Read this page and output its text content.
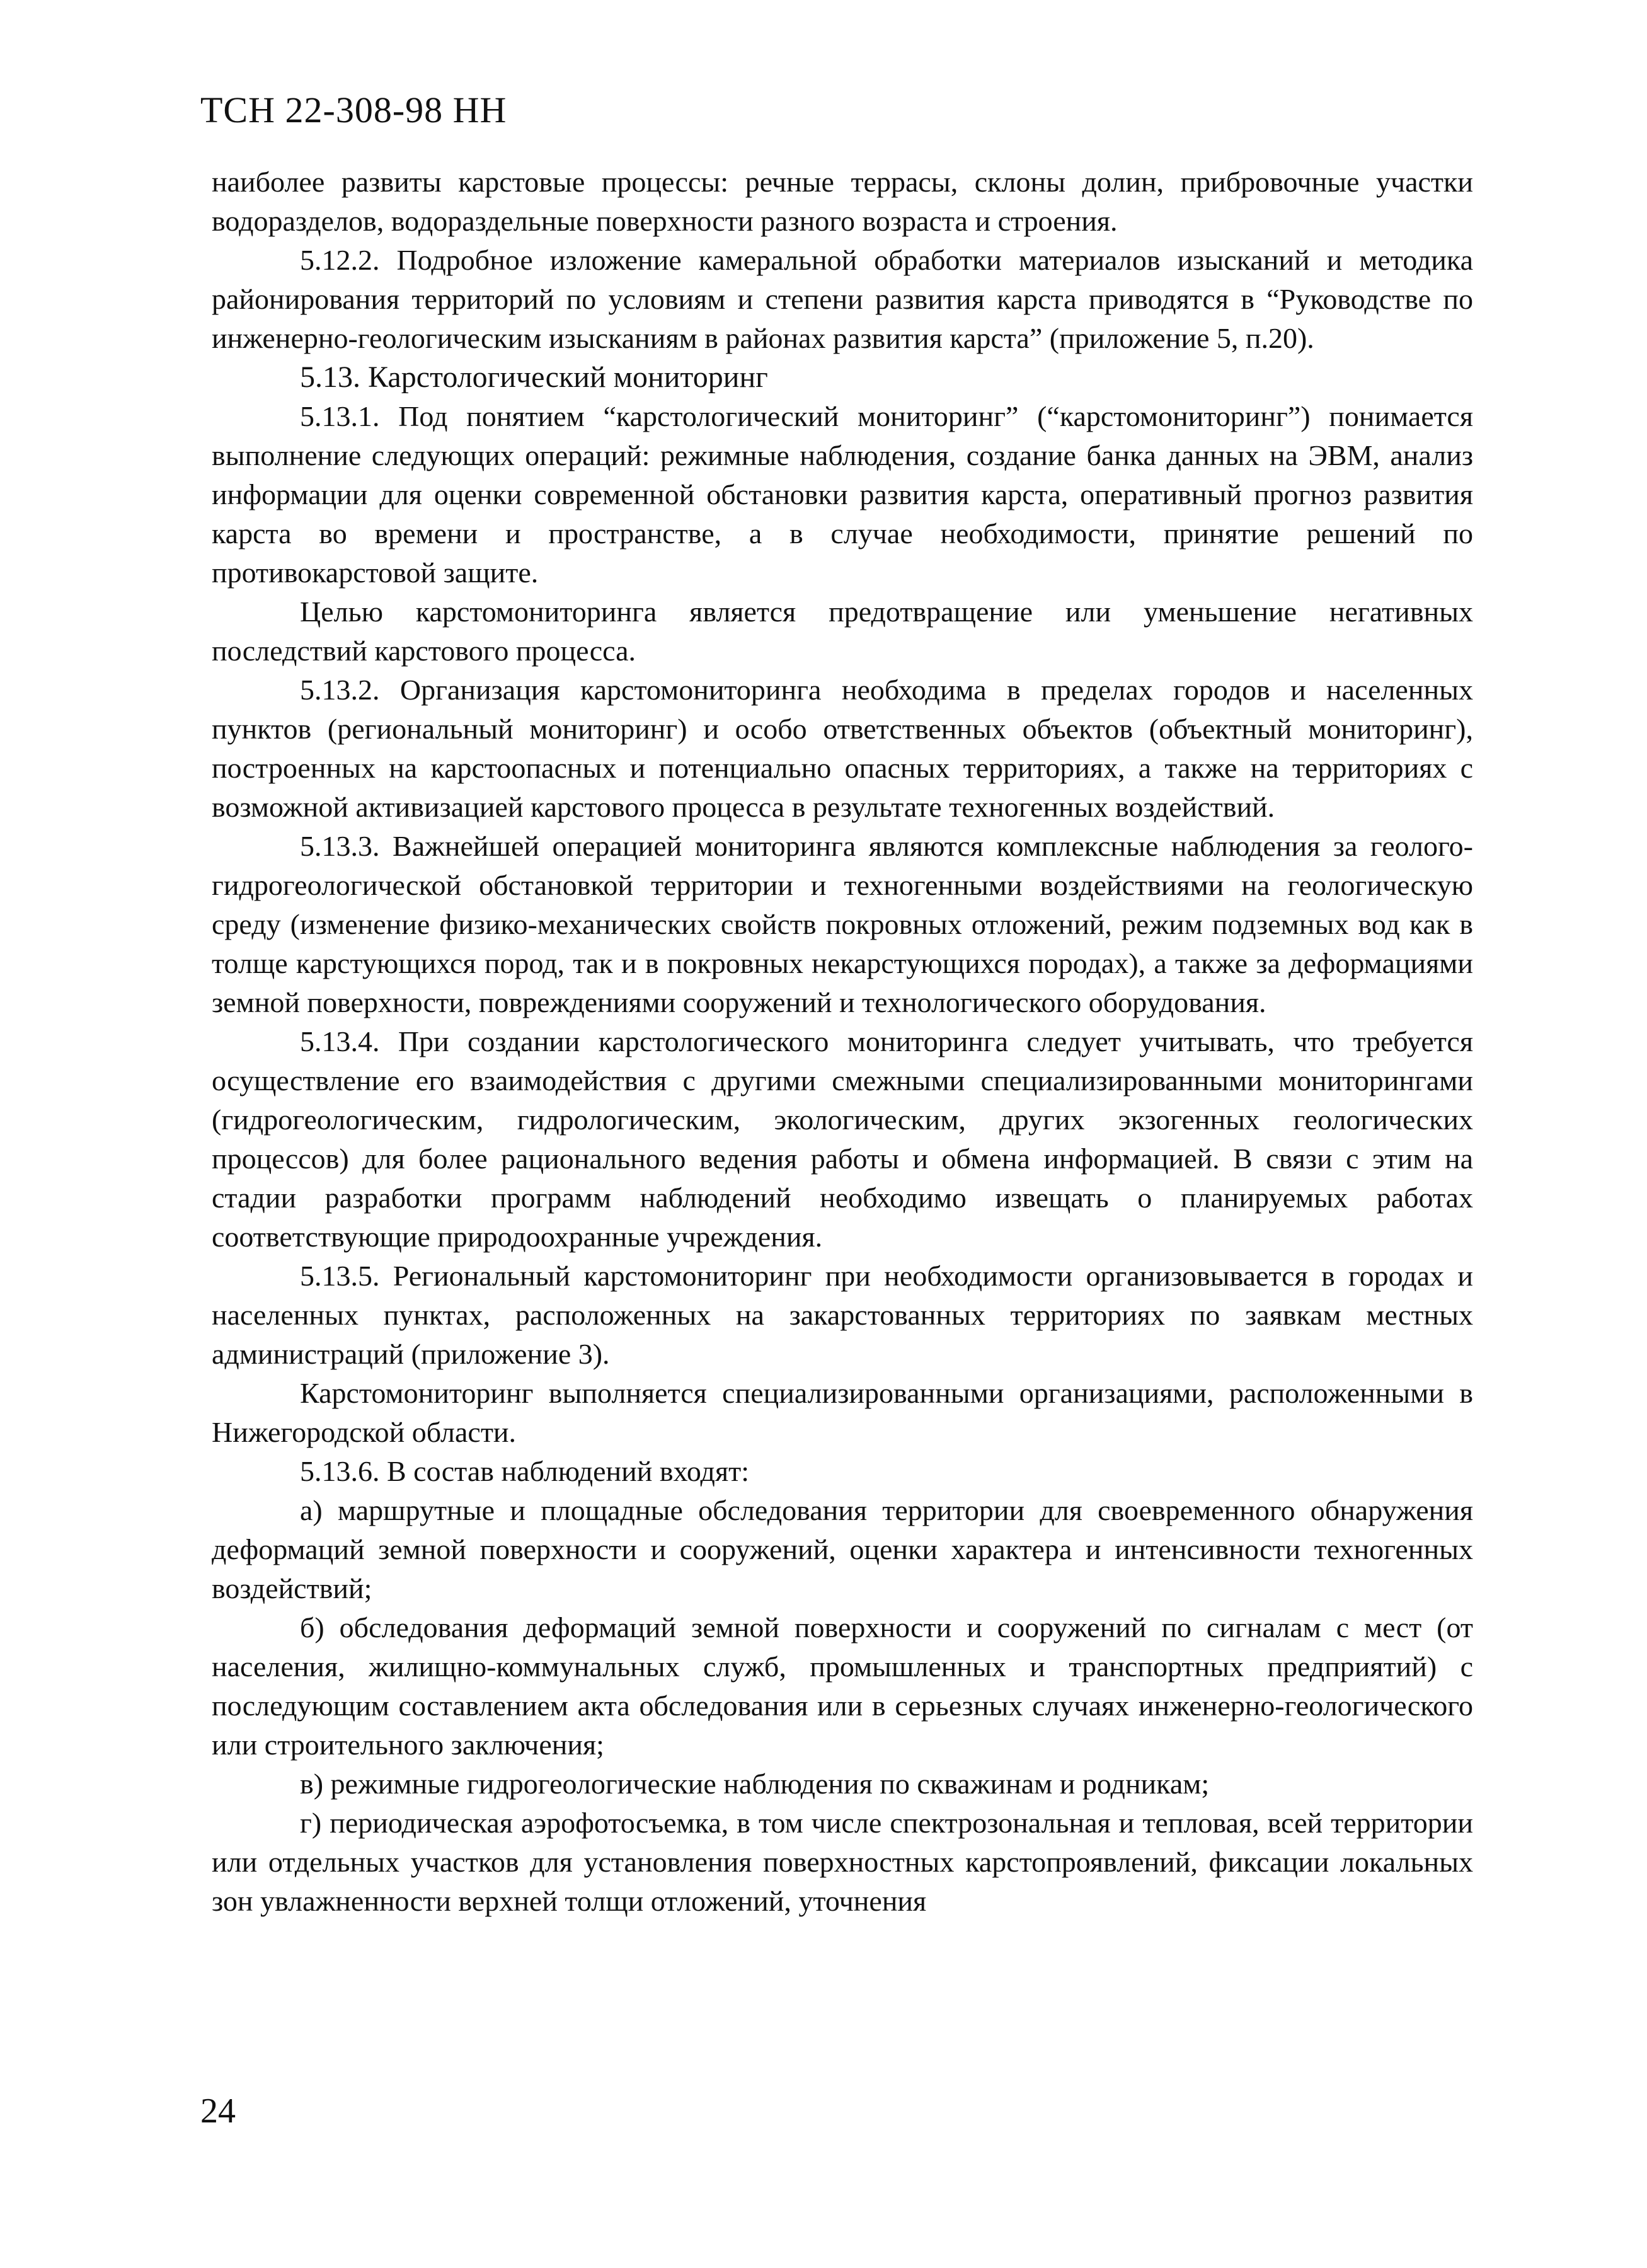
ТСН 22-308-98 НН

наиболее развиты карстовые процессы: речные террасы, склоны долин, прибровочные участки водоразделов, водораздельные поверхности разного возраста и строения.

5.12.2. Подробное изложение камеральной обработки материалов изысканий и методика районирования территорий по условиям и степени развития карста приводятся в “Руководстве по инженерно-геологическим изысканиям в районах развития карста” (приложение 5, п.20).

5.13. Карстологический мониторинг

5.13.1. Под понятием “карстологический мониторинг” (“карстомониторинг”) понимается выполнение следующих операций: режимные наблюдения, создание банка данных на ЭВМ, анализ информации для оценки современной обстановки развития карста, оперативный прогноз развития карста во времени и пространстве, а в случае необходимости, принятие решений по противокарстовой защите.

Целью карстомониторинга является предотвращение или уменьшение негативных последствий карстового процесса.

5.13.2. Организация карстомониторинга необходима в пределах городов и населенных пунктов (региональный мониторинг) и особо ответственных объектов (объектный мониторинг), построенных на карстоопасных и потенциально опасных территориях, а также на территориях с возможной активизацией карстового процесса в результате техногенных воздействий.

5.13.3. Важнейшей операцией мониторинга являются комплексные наблюдения за геолого-гидрогеологической обстановкой территории и техногенными воздействиями на геологическую среду (изменение физико-механических свойств покровных отложений, режим подземных вод как в толще карстующихся пород, так и в покровных некарстующихся породах), а также за деформациями земной поверхности, повреждениями сооружений и технологического оборудования.

5.13.4. При создании карстологического мониторинга следует учитывать, что требуется осуществление его взаимодействия с другими смежными специализированными мониторингами (гидрогеологическим, гидрологическим, экологическим, других экзогенных геологических процессов) для более рационального ведения работы и обмена информацией. В связи с этим на стадии разработки программ наблюдений необходимо извещать о планируемых работах соответствующие природоохранные учреждения.

5.13.5. Региональный карстомониторинг при необходимости организовывается в городах и населенных пунктах, расположенных на закарстованных территориях по заявкам местных администраций (приложение 3).

Карстомониторинг выполняется специализированными организациями, расположенными в Нижегородской области.

5.13.6. В состав наблюдений входят:

а) маршрутные и площадные обследования территории для своевременного обнаружения деформаций земной поверхности и сооружений, оценки характера и интенсивности техногенных воздействий;

б) обследования деформаций земной поверхности и сооружений по сигналам с мест (от населения, жилищно-коммунальных служб, промышленных и транспортных предприятий) с последующим составлением акта обследования или в серьезных случаях инженерно-геологического или строительного заключения;

в) режимные гидрогеологические наблюдения по скважинам и родникам;

г) периодическая аэрофотосъемка, в том числе спектрозональная и тепловая, всей территории или отдельных участков для установления поверхностных карстопроявлений, фиксации локальных зон увлажненности верхней толщи отложений, уточнения

24
